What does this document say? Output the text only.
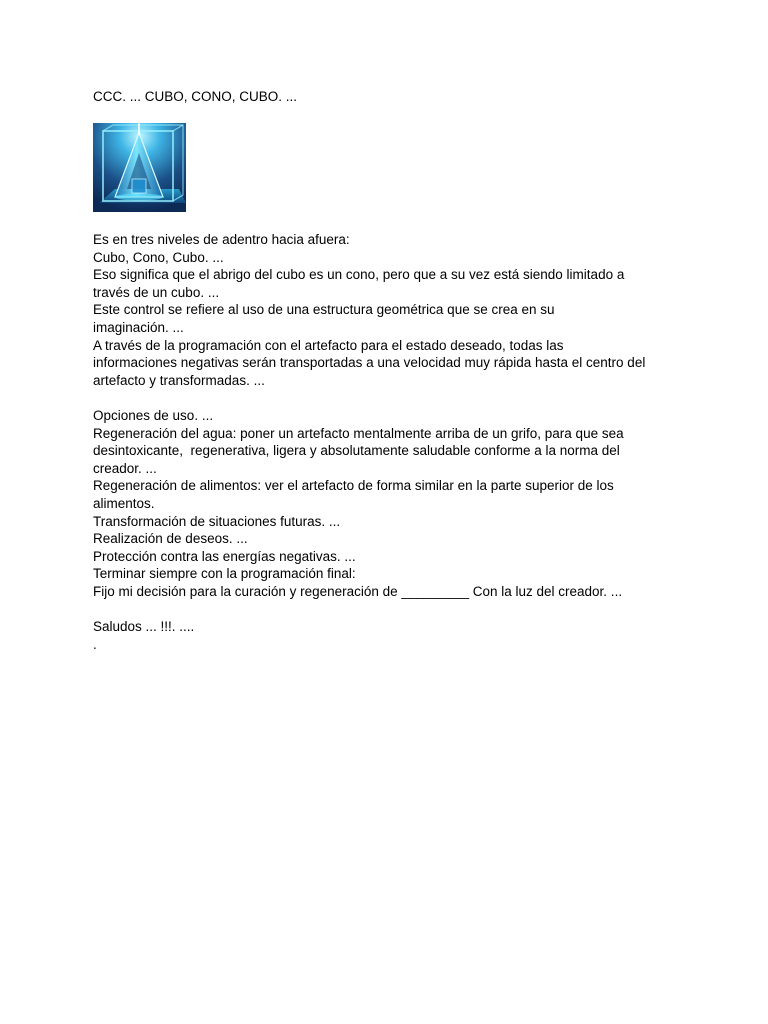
CCC. ... CUBO, CONO, CUBO. ...

Es en tres niveles de adentro hacia afuera:

Cubo, Cono, Cubo. ...

Eso significa que el abrigo del cubo es un cono, pero que a su vez está siendo limitado a

través de un cubo. ...

Este control se refiere al uso de una estructura geométrica que se crea en su

imaginación. ...

A través de la programación con el artefacto para el estado deseado, todas las

informaciones negativas serán transportadas a una velocidad muy rápida hasta el centro del

artefacto y transformadas. ...

Opciones de uso. ...

Regeneración del agua: poner un artefacto mentalmente arriba de un grifo, para que sea

desintoxicante,  regenerativa, ligera y absolutamente saludable conforme a la norma del

creador. ...

Regeneración de alimentos: ver el artefacto de forma similar en la parte superior de los

alimentos.

Transformación de situaciones futuras. ...

Realización de deseos. ...

Protección contra las energías negativas. ...

Terminar siempre con la programación final:

Fijo mi decisión para la curación y regeneración de _________ Con la luz del creador. ...

Saludos ... !!!. ....

.
